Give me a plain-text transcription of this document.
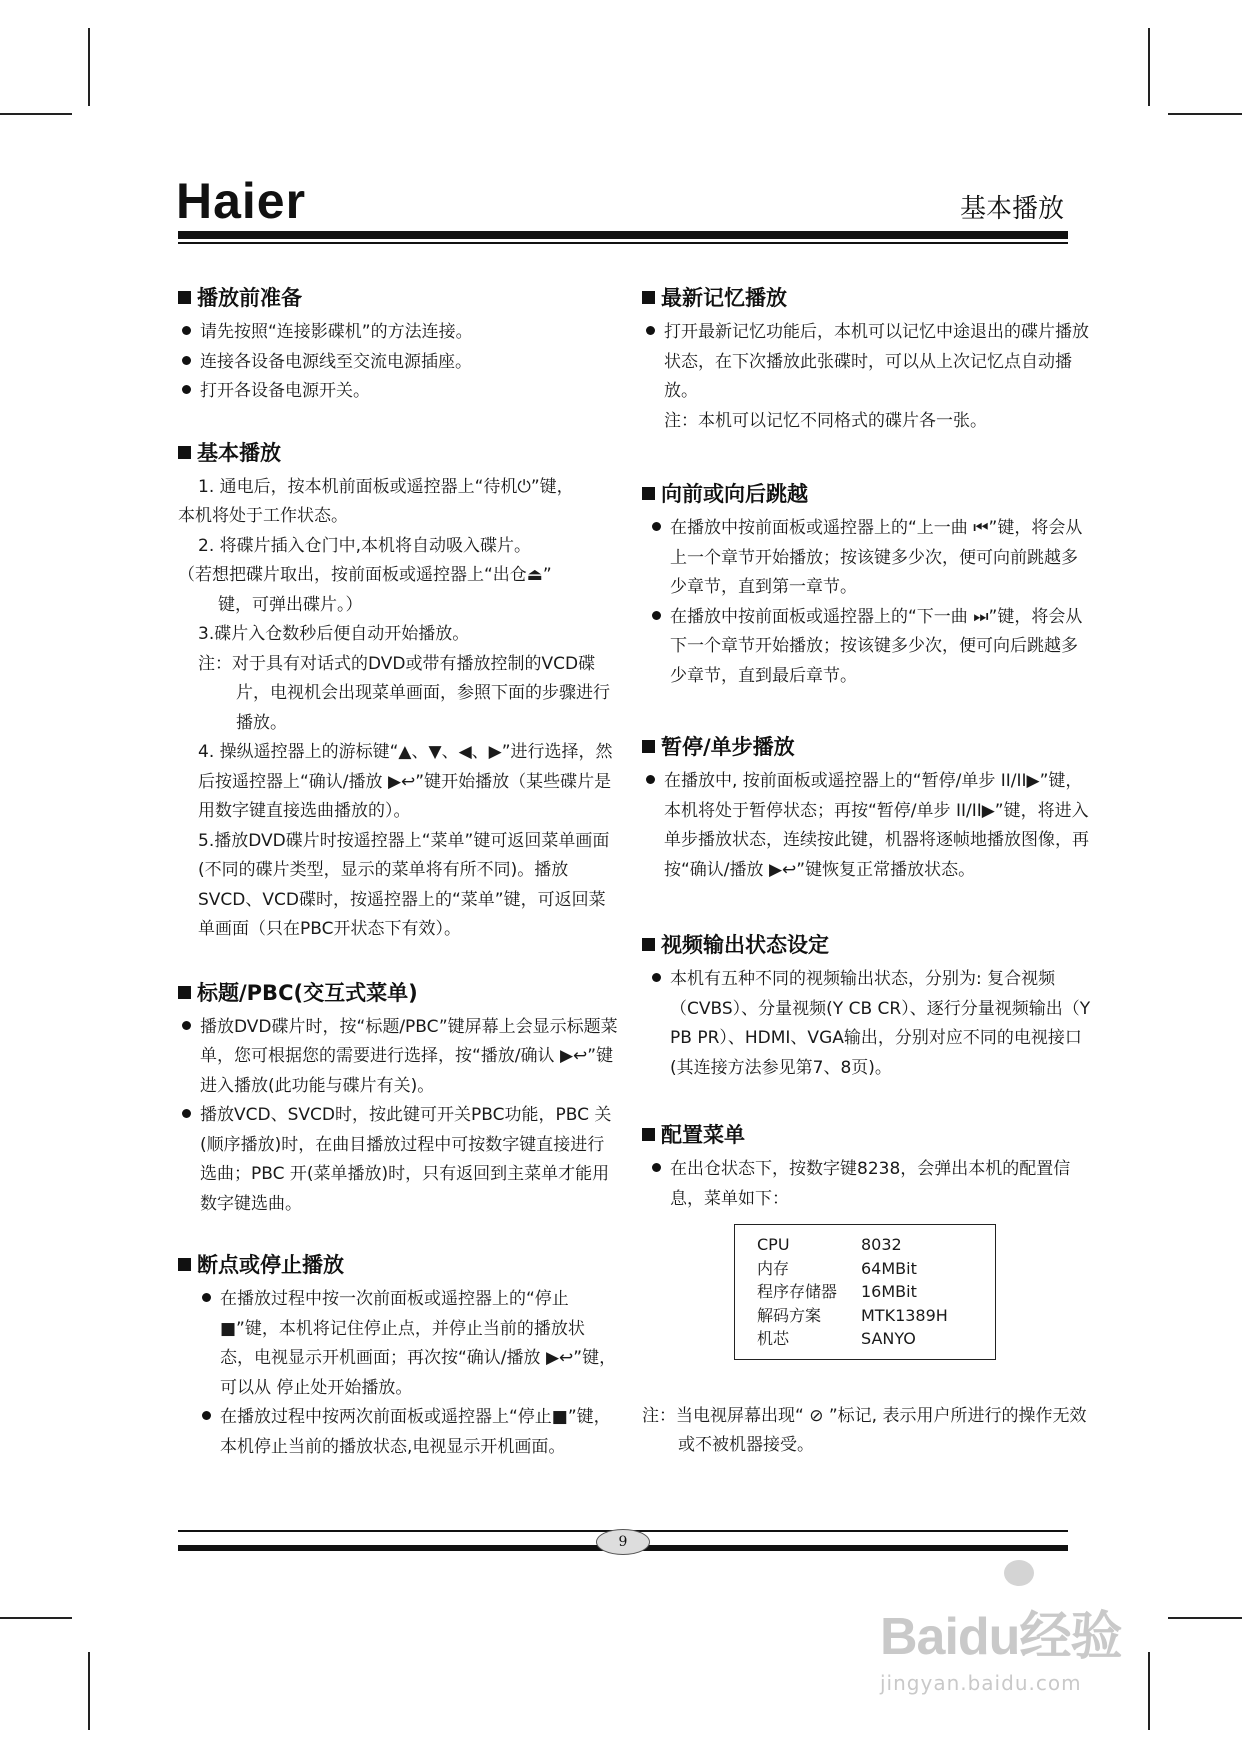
Haier	基本播放
播放前准备

请先按照“连接影碟机”的方法连接。

连接各设备电源线至交流电源插座。

打开各设备电源开关。

基本播放

1. 通电后，按本机前面板或遥控器上“待机⏻”键，

本机将处于工作状态。

2. 将碟片插入仓门中,本机将自动吸入碟片。

（若想把碟片取出，按前面板或遥控器上“出仓⏏”

键，可弹出碟片。）

3.碟片入仓数秒后便自动开始播放。

注：对于具有对话式的DVD或带有播放控制的VCD碟片，电视机会出现菜单画面，参照下面的步骤进行播放。

4. 操纵遥控器上的游标键“▲、▼、◀、▶”进行选择，然后按遥控器上“确认/播放 ▶↩”键开始播放（某些碟片是用数字键直接选曲播放的）。

5.播放DVD碟片时按遥控器上“菜单”键可返回菜单画面(不同的碟片类型，显示的菜单将有所不同)。播放SVCD、VCD碟时，按遥控器上的“菜单”键，可返回菜单画面（只在PBC开状态下有效）。

标题/PBC(交互式菜单)

播放DVD碟片时，按“标题/PBC”键屏幕上会显示标题菜单，您可根据您的需要进行选择，按“播放/确认 ▶↩”键进入播放(此功能与碟片有关)。

播放VCD、SVCD时，按此键可开关PBC功能，PBC 关 (顺序播放)时，在曲目播放过程中可按数字键直接进行选曲；PBC 开(菜单播放)时，只有返回到主菜单才能用数字键选曲。

断点或停止播放

在播放过程中按一次前面板或遥控器上的“停止■”键，本机将记住停止点，并停止当前的播放状态，电视显示开机画面；再次按“确认/播放 ▶↩”键，可以从 停止处开始播放。

在播放过程中按两次前面板或遥控器上“停止■”键，本机停止当前的播放状态,电视显示开机画面。

最新记忆播放

打开最新记忆功能后，本机可以记忆中途退出的碟片播放状态，在下次播放此张碟时，可以从上次记忆点自动播放。

注：本机可以记忆不同格式的碟片各一张。

向前或向后跳越

在播放中按前面板或遥控器上的“上一曲 ⏮”键，将会从上一个章节开始播放；按该键多少次，便可向前跳越多少章节，直到第一章节。

在播放中按前面板或遥控器上的“下一曲 ⏭”键，将会从下一个章节开始播放；按该键多少次，便可向后跳越多少章节，直到最后章节。

暂停/单步播放

在播放中, 按前面板或遥控器上的“暂停/单步 II/II▶”键，本机将处于暂停状态；再按“暂停/单步 II/II▶”键，将进入单步播放状态，连续按此键，机器将逐帧地播放图像，再按“确认/播放 ▶↩”键恢复正常播放状态。

视频输出状态设定

本机有五种不同的视频输出状态，分别为: 复合视频（CVBS）、分量视频(Y CB CR）、逐行分量视频输出（Y PB PR）、HDMI、VGA输出，分别对应不同的电视接口(其连接方法参见第7、8页)。

配置菜单

在出仓状态下，按数字键8238，会弹出本机的配置信息，菜单如下：

CPU	8032
内存	64MBit
程序存储器	16MBit
解码方案	MTK1389H
机芯	SANYO

注：当电视屏幕出现“ ⊘ ”标记, 表示用户所进行的操作无效或不被机器接受。

9
Baidu经验
jingyan.baidu.com
